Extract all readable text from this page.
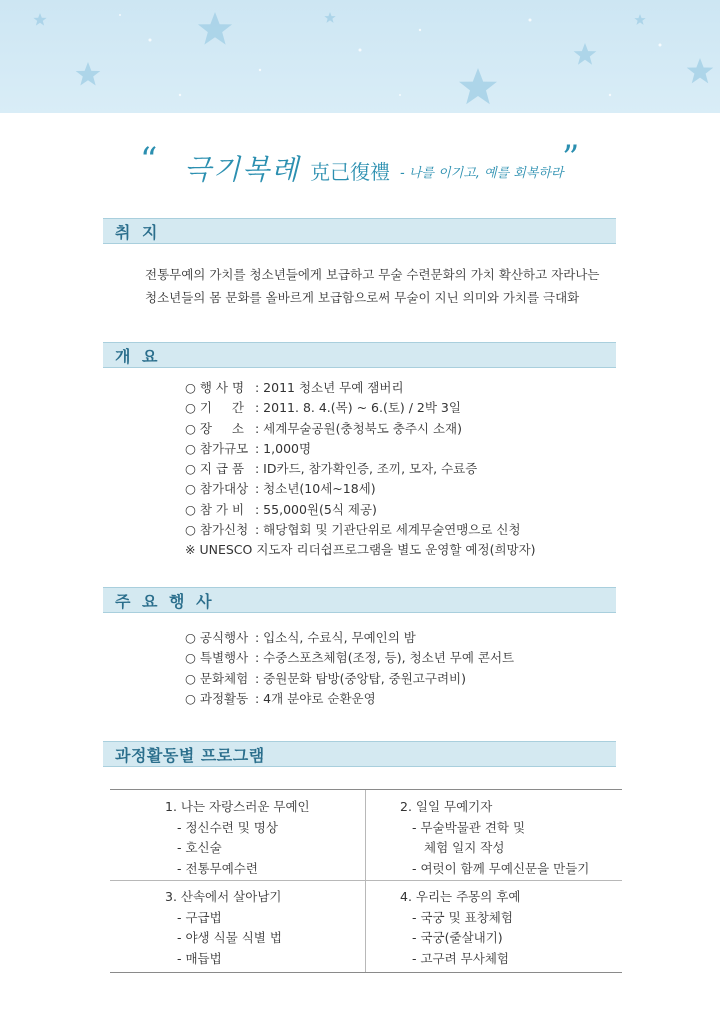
“ 극기복례 克己復禮 - 나를 이기고, 예를 회복하라
”
취 지
전통무예의 가치를 청소년들에게 보급하고 무술 수련문화의 가치 확산하고 자라나는
청소년들의 몸 문화를 올바르게 보급함으로써 무술이 지닌 의미와 가치를 극대화
개 요
○ 행 사 명 : 2011 청소년 무예 잼버리
○ 기     간 : 2011. 8. 4.(목) ~ 6.(토) / 2박 3일
○ 장     소 : 세계무술공원(충청북도 충주시 소재)
○ 참가규모 : 1,000명
○ 지 급 품 : ID카드, 참가확인증, 조끼, 모자, 수료증
○ 참가대상 : 청소년(10세~18세)
○ 참 가 비 : 55,000원(5식 제공)
○ 참가신청 : 해당협회 및 기관단위로 세계무술연맹으로 신청
※ UNESCO 지도자 리더쉽프로그램을 별도 운영할 예정(희망자)
주 요 행 사
○ 공식행사 : 입소식, 수료식, 무예인의 밤
○ 특별행사 : 수중스포츠체험(조정, 등), 청소년 무예 콘서트
○ 문화체험 : 중원문화 탐방(중앙탑, 중원고구려비)
○ 과정활동 : 4개 분야로 순환운영
과정활동별 프로그램
1. 나는 자랑스러운 무예인
- 정신수련 및 명상
- 호신술
- 전통무예수련
2. 일일 무예기자
- 무술박물관 견학 및
체험 일지 작성
- 여럿이 함께 무예신문을 만들기
3. 산속에서 살아남기
- 구급법
- 야생 식물 식별 법
- 매듭법
4. 우리는 주몽의 후예
- 국궁 및 표창체험
- 국궁(줄살내기)
- 고구려 무사체험
